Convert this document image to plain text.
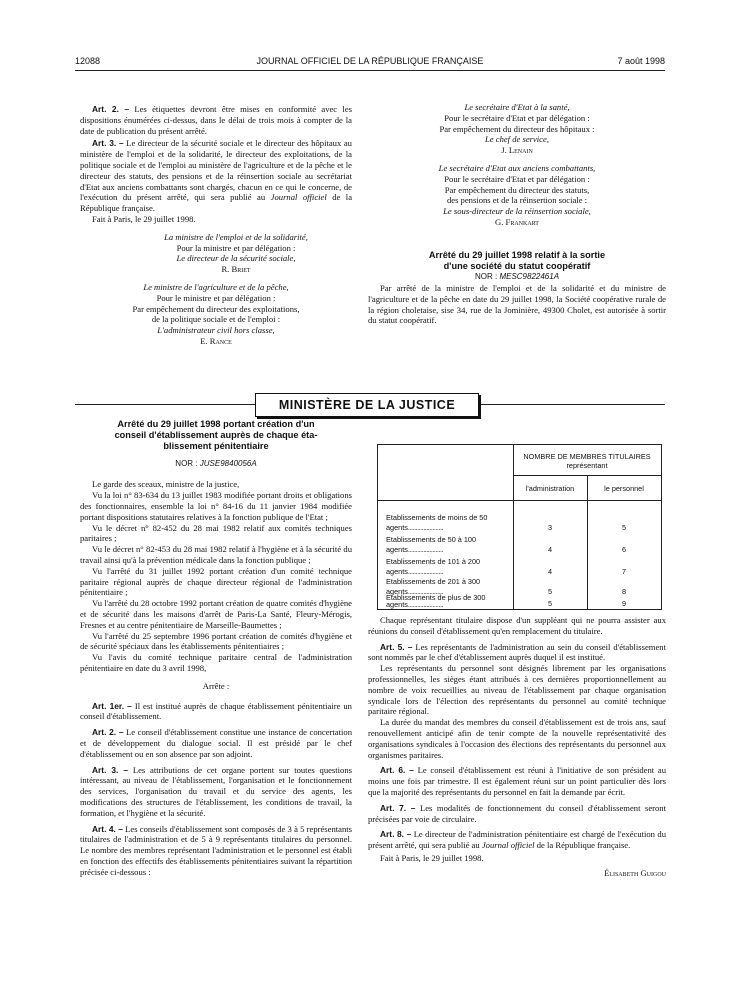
12088	JOURNAL OFFICIEL DE LA RÉPUBLIQUE FRANÇAISE	7 août 1998

Art. 2. – Les étiquettes devront être mises en conformité avec les dispositions énumérées ci-dessus, dans le délai de trois mois à compter de la date de publication du présent arrêté.

Art. 3. – Le directeur de la sécurité sociale et le directeur des hôpitaux au ministère de l'emploi et de la solidarité, le directeur des exploitations, de la politique sociale et de l'emploi au ministère de l'agriculture et de la pêche et le directeur des statuts, des pensions et de la réinsertion sociale au secrétariat d'Etat aux anciens combattants sont chargés, chacun en ce qui le concerne, de l'exécution du présent arrêté, qui sera publié au Journal officiel de la République française.

Fait à Paris, le 29 juillet 1998.

La ministre de l'emploi et de la solidarité,

Pour la ministre et par délégation :

Le directeur de la sécurité sociale,

R. Briet

Le ministre de l'agriculture et de la pêche,

Pour le ministre et par délégation :

Par empêchement du directeur des exploitations,

de la politique sociale et de l'emploi :

L'administrateur civil hors classe,

E. Rance

Le secrétaire d'Etat à la santé,

Pour le secrétaire d'Etat et par délégation :

Par empêchement du directeur des hôpitaux :

Le chef de service,

J. Lenain

Le secrétaire d'Etat aux anciens combattants,

Pour le secrétaire d'Etat et par délégation :

Par empêchement du directeur des statuts,

des pensions et de la réinsertion sociale :

Le sous-directeur de la réinsertion sociale,

G. Frankart

Arrêté du 29 juillet 1998 relatif à la sortie
d'une société du statut coopératif

NOR : MESC9822461A

Par arrêté de la ministre de l'emploi et de la solidarité et du ministre de l'agriculture et de la pêche en date du 29 juillet 1998, la Société coopérative rurale de la région choletaise, sise 34, rue de la Jominière, 49300 Cholet, est autorisée à sortir du statut coopératif.

MINISTÈRE DE LA JUSTICE

Arrêté du 29 juillet 1998 portant création d'un
conseil d'établissement auprès de chaque éta-
blissement pénitentiaire

NOR : JUSE9840056A

Le garde des sceaux, ministre de la justice,

Vu la loi n° 83-634 du 13 juillet 1983 modifiée portant droits et obligations des fonctionnaires, ensemble la loi n° 84-16 du 11 janvier 1984 modifiée portant dispositions statutaires relatives à la fonction publique de l'Etat ;

Vu le décret n° 82-452 du 28 mai 1982 relatif aux comités techniques paritaires ;

Vu le décret n° 82-453 du 28 mai 1982 relatif à l'hygiène et à la sécurité du travail ainsi qu'à la prévention médicale dans la fonction publique ;

Vu l'arrêté du 31 juillet 1992 portant création d'un comité technique paritaire régional auprès de chaque directeur régional de l'administration pénitentiaire ;

Vu l'arrêté du 28 octobre 1992 portant création de quatre comités d'hygiène et de sécurité dans les maisons d'arrêt de Paris-La Santé, Fleury-Mérogis, Fresnes et au centre pénitentiaire de Marseille-Baumettes ;

Vu l'arrêté du 25 septembre 1996 portant création de comités d'hygiène et de sécurité spéciaux dans les établissements pénitentiaires ;

Vu l'avis du comité technique paritaire central de l'administration pénitentiaire en date du 3 avril 1998,

Arrête :

Art. 1er. – Il est institué auprès de chaque établissement pénitentiaire un conseil d'établissement.

Art. 2. – Le conseil d'établissement constitue une instance de concertation et de développement du dialogue social. Il est présidé par le chef d'établissement ou en son absence par son adjoint.

Art. 3. – Les attributions de cet organe portent sur toutes questions intéressant, au niveau de l'établissement, l'organisation et le fonctionnement des services, l'organisation du travail et du service des agents, les modifications des structures de l'établissement, les conditions de travail, la formation, et l'hygiène et la sécurité.

Art. 4. – Les conseils d'établissement sont composés de 3 à 5 représentants titulaires de l'administration et de 5 à 9 représentants titulaires du personnel. Le nombre des membres représentant l'administration et le personnel est établi en fonction des effectifs des établissements pénitentiaires suivant la répartition précisée ci-dessous :

NOMBRE DE MEMBRES TITULAIRES
représentant
l'administration	le personnel
Etablissements de moins de 50
agents.......................	3	5
Etablissements de 50 à 100
agents.......................	4	6
Etablissements de 101 à 200
agents.......................	4	7
Etablissements de 201 à 300
agents.......................	5	8
Etablissements de plus de 300
agents.......................	5	9

Chaque représentant titulaire dispose d'un suppléant qui ne pourra assister aux réunions du conseil d'établissement qu'en remplacement du titulaire.

Art. 5. – Les représentants de l'administration au sein du conseil d'établissement sont nommés par le chef d'établissement auprès duquel il est institué.

Les représentants du personnel sont désignés librement par les organisations professionnelles, les sièges étant attribués à ces dernières proportionnellement au nombre de voix recueillies au niveau de l'établissement par chaque organisation syndicale lors de l'élection des représentants du personnel au comité technique paritaire régional.

La durée du mandat des membres du conseil d'établissement est de trois ans, sauf renouvellement anticipé afin de tenir compte de la nouvelle représentativité des organisations syndicales à l'occasion des élections des représentants du personnel aux organismes paritaires.

Art. 6. – Le conseil d'établissement est réuni à l'initiative de son président au moins une fois par trimestre. Il est également réuni sur un point particulier dès lors que la majorité des représentants du personnel en fait la demande par écrit.

Art. 7. – Les modalités de fonctionnement du conseil d'établissement seront précisées par voie de circulaire.

Art. 8. – Le directeur de l'administration pénitentiaire est chargé de l'exécution du présent arrêté, qui sera publié au Journal officiel de la République française.

Fait à Paris, le 29 juillet 1998.

Élisabeth Guigou
